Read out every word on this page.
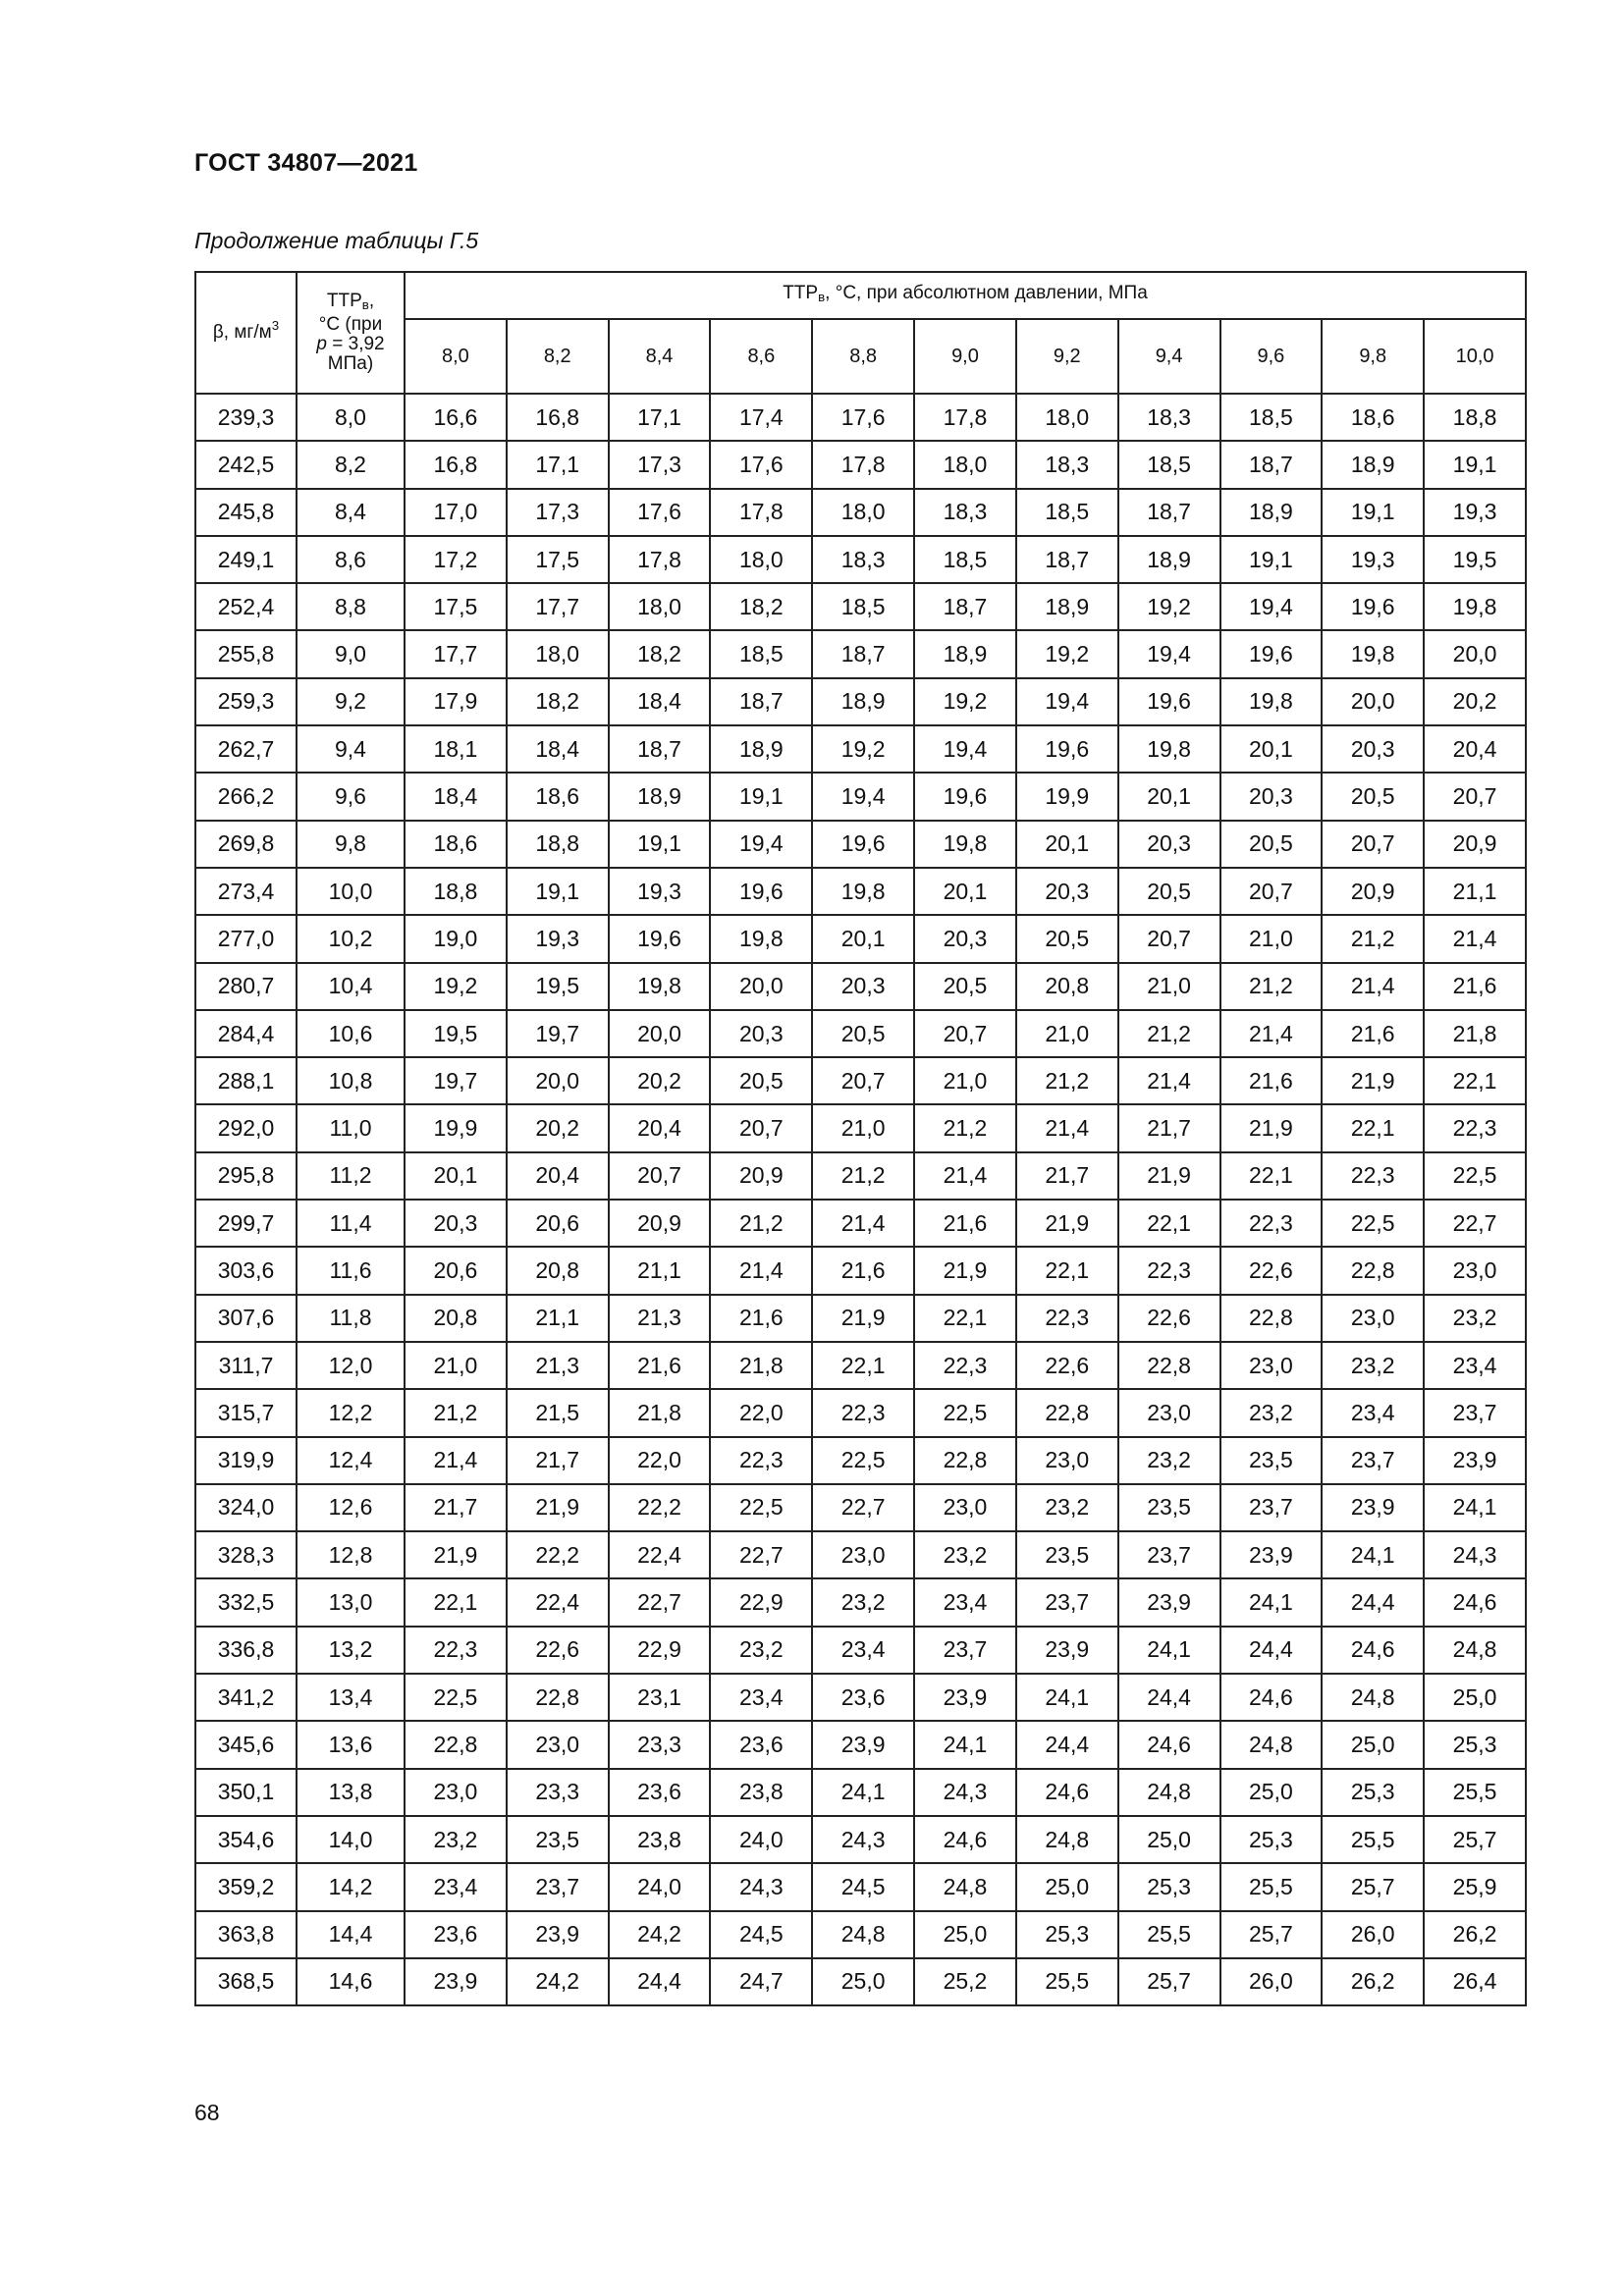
ГОСТ 34807—2021
Продолжение таблицы Г.5
β, $мг/м^3$	$ТТР_в$,
°С (при
p = 3,92
МПа)	$ТТР_в$, °С, при абсолютном давлении, МПа										
		8,0	8,2	8,4	8,6	8,8	9,0	9,2	9,4	9,6	9,8	10,0
239,3	8,0	16,6	16,8	17,1	17,4	17,6	17,8	18,0	18,3	18,5	18,6	18,8
242,5	8,2	16,8	17,1	17,3	17,6	17,8	18,0	18,3	18,5	18,7	18,9	19,1
245,8	8,4	17,0	17,3	17,6	17,8	18,0	18,3	18,5	18,7	18,9	19,1	19,3
249,1	8,6	17,2	17,5	17,8	18,0	18,3	18,5	18,7	18,9	19,1	19,3	19,5
252,4	8,8	17,5	17,7	18,0	18,2	18,5	18,7	18,9	19,2	19,4	19,6	19,8
255,8	9,0	17,7	18,0	18,2	18,5	18,7	18,9	19,2	19,4	19,6	19,8	20,0
259,3	9,2	17,9	18,2	18,4	18,7	18,9	19,2	19,4	19,6	19,8	20,0	20,2
262,7	9,4	18,1	18,4	18,7	18,9	19,2	19,4	19,6	19,8	20,1	20,3	20,4
266,2	9,6	18,4	18,6	18,9	19,1	19,4	19,6	19,9	20,1	20,3	20,5	20,7
269,8	9,8	18,6	18,8	19,1	19,4	19,6	19,8	20,1	20,3	20,5	20,7	20,9
273,4	10,0	18,8	19,1	19,3	19,6	19,8	20,1	20,3	20,5	20,7	20,9	21,1
277,0	10,2	19,0	19,3	19,6	19,8	20,1	20,3	20,5	20,7	21,0	21,2	21,4
280,7	10,4	19,2	19,5	19,8	20,0	20,3	20,5	20,8	21,0	21,2	21,4	21,6
284,4	10,6	19,5	19,7	20,0	20,3	20,5	20,7	21,0	21,2	21,4	21,6	21,8
288,1	10,8	19,7	20,0	20,2	20,5	20,7	21,0	21,2	21,4	21,6	21,9	22,1
292,0	11,0	19,9	20,2	20,4	20,7	21,0	21,2	21,4	21,7	21,9	22,1	22,3
295,8	11,2	20,1	20,4	20,7	20,9	21,2	21,4	21,7	21,9	22,1	22,3	22,5
299,7	11,4	20,3	20,6	20,9	21,2	21,4	21,6	21,9	22,1	22,3	22,5	22,7
303,6	11,6	20,6	20,8	21,1	21,4	21,6	21,9	22,1	22,3	22,6	22,8	23,0
307,6	11,8	20,8	21,1	21,3	21,6	21,9	22,1	22,3	22,6	22,8	23,0	23,2
311,7	12,0	21,0	21,3	21,6	21,8	22,1	22,3	22,6	22,8	23,0	23,2	23,4
315,7	12,2	21,2	21,5	21,8	22,0	22,3	22,5	22,8	23,0	23,2	23,4	23,7
319,9	12,4	21,4	21,7	22,0	22,3	22,5	22,8	23,0	23,2	23,5	23,7	23,9
324,0	12,6	21,7	21,9	22,2	22,5	22,7	23,0	23,2	23,5	23,7	23,9	24,1
328,3	12,8	21,9	22,2	22,4	22,7	23,0	23,2	23,5	23,7	23,9	24,1	24,3
332,5	13,0	22,1	22,4	22,7	22,9	23,2	23,4	23,7	23,9	24,1	24,4	24,6
336,8	13,2	22,3	22,6	22,9	23,2	23,4	23,7	23,9	24,1	24,4	24,6	24,8
341,2	13,4	22,5	22,8	23,1	23,4	23,6	23,9	24,1	24,4	24,6	24,8	25,0
345,6	13,6	22,8	23,0	23,3	23,6	23,9	24,1	24,4	24,6	24,8	25,0	25,3
350,1	13,8	23,0	23,3	23,6	23,8	24,1	24,3	24,6	24,8	25,0	25,3	25,5
354,6	14,0	23,2	23,5	23,8	24,0	24,3	24,6	24,8	25,0	25,3	25,5	25,7
359,2	14,2	23,4	23,7	24,0	24,3	24,5	24,8	25,0	25,3	25,5	25,7	25,9
363,8	14,4	23,6	23,9	24,2	24,5	24,8	25,0	25,3	25,5	25,7	26,0	26,2
368,5	14,6	23,9	24,2	24,4	24,7	25,0	25,2	25,5	25,7	26,0	26,2	26,4
68
